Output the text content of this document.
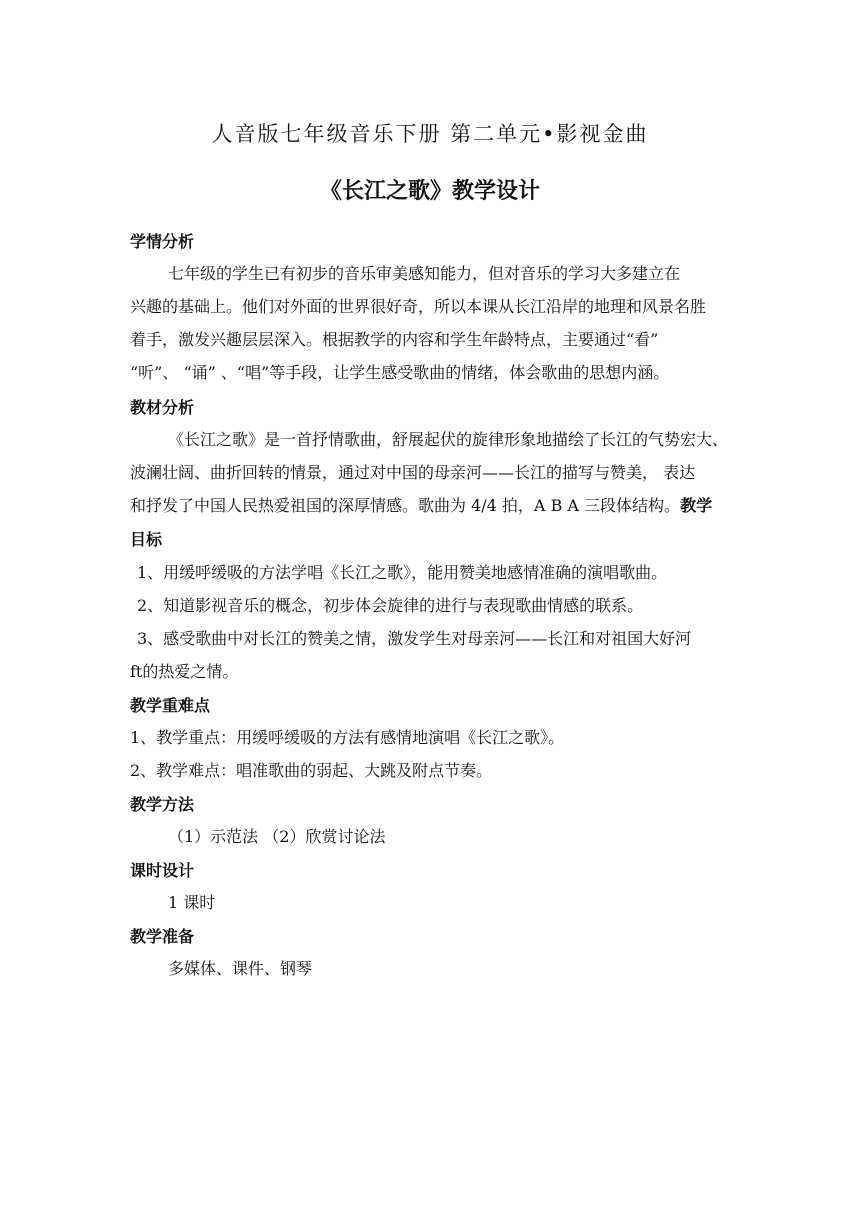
人音版七年级音乐下册 第二单元•影视金曲
《长江之歌》教学设计
学情分析
七年级的学生已有初步的音乐审美感知能力，但对音乐的学习大多建立在
兴趣的基础上。他们对外面的世界很好奇，所以本课从长江沿岸的地理和风景名胜
着手，激发兴趣层层深入。根据教学的内容和学生年龄特点，主要通过“看”
“听”、 “诵” 、“唱”等手段，让学生感受歌曲的情绪，体会歌曲的思想内涵。
教材分析
《长江之歌》是一首抒情歌曲，舒展起伏的旋律形象地描绘了长江的气势宏大、
波澜壮阔、曲折回转的情景，通过对中国的母亲河——长江的描写与赞美， 表达
和抒发了中国人民热爱祖国的深厚情感。歌曲为 4/4 拍，A B A 三段体结构。教学
目标
1、用缓呼缓吸的方法学唱《长江之歌》，能用赞美地感情准确的演唱歌曲。
2、知道影视音乐的概念，初步体会旋律的进行与表现歌曲情感的联系。
3、感受歌曲中对长江的赞美之情，激发学生对母亲河——长江和对祖国大好河
ft的热爱之情。
教学重难点
1、教学重点：用缓呼缓吸的方法有感情地演唱《长江之歌》。
2、教学难点：唱准歌曲的弱起、大跳及附点节奏。
教学方法
（1）示范法 （2）欣赏讨论法
课时设计
1 课时
教学准备
多媒体、课件、钢琴
